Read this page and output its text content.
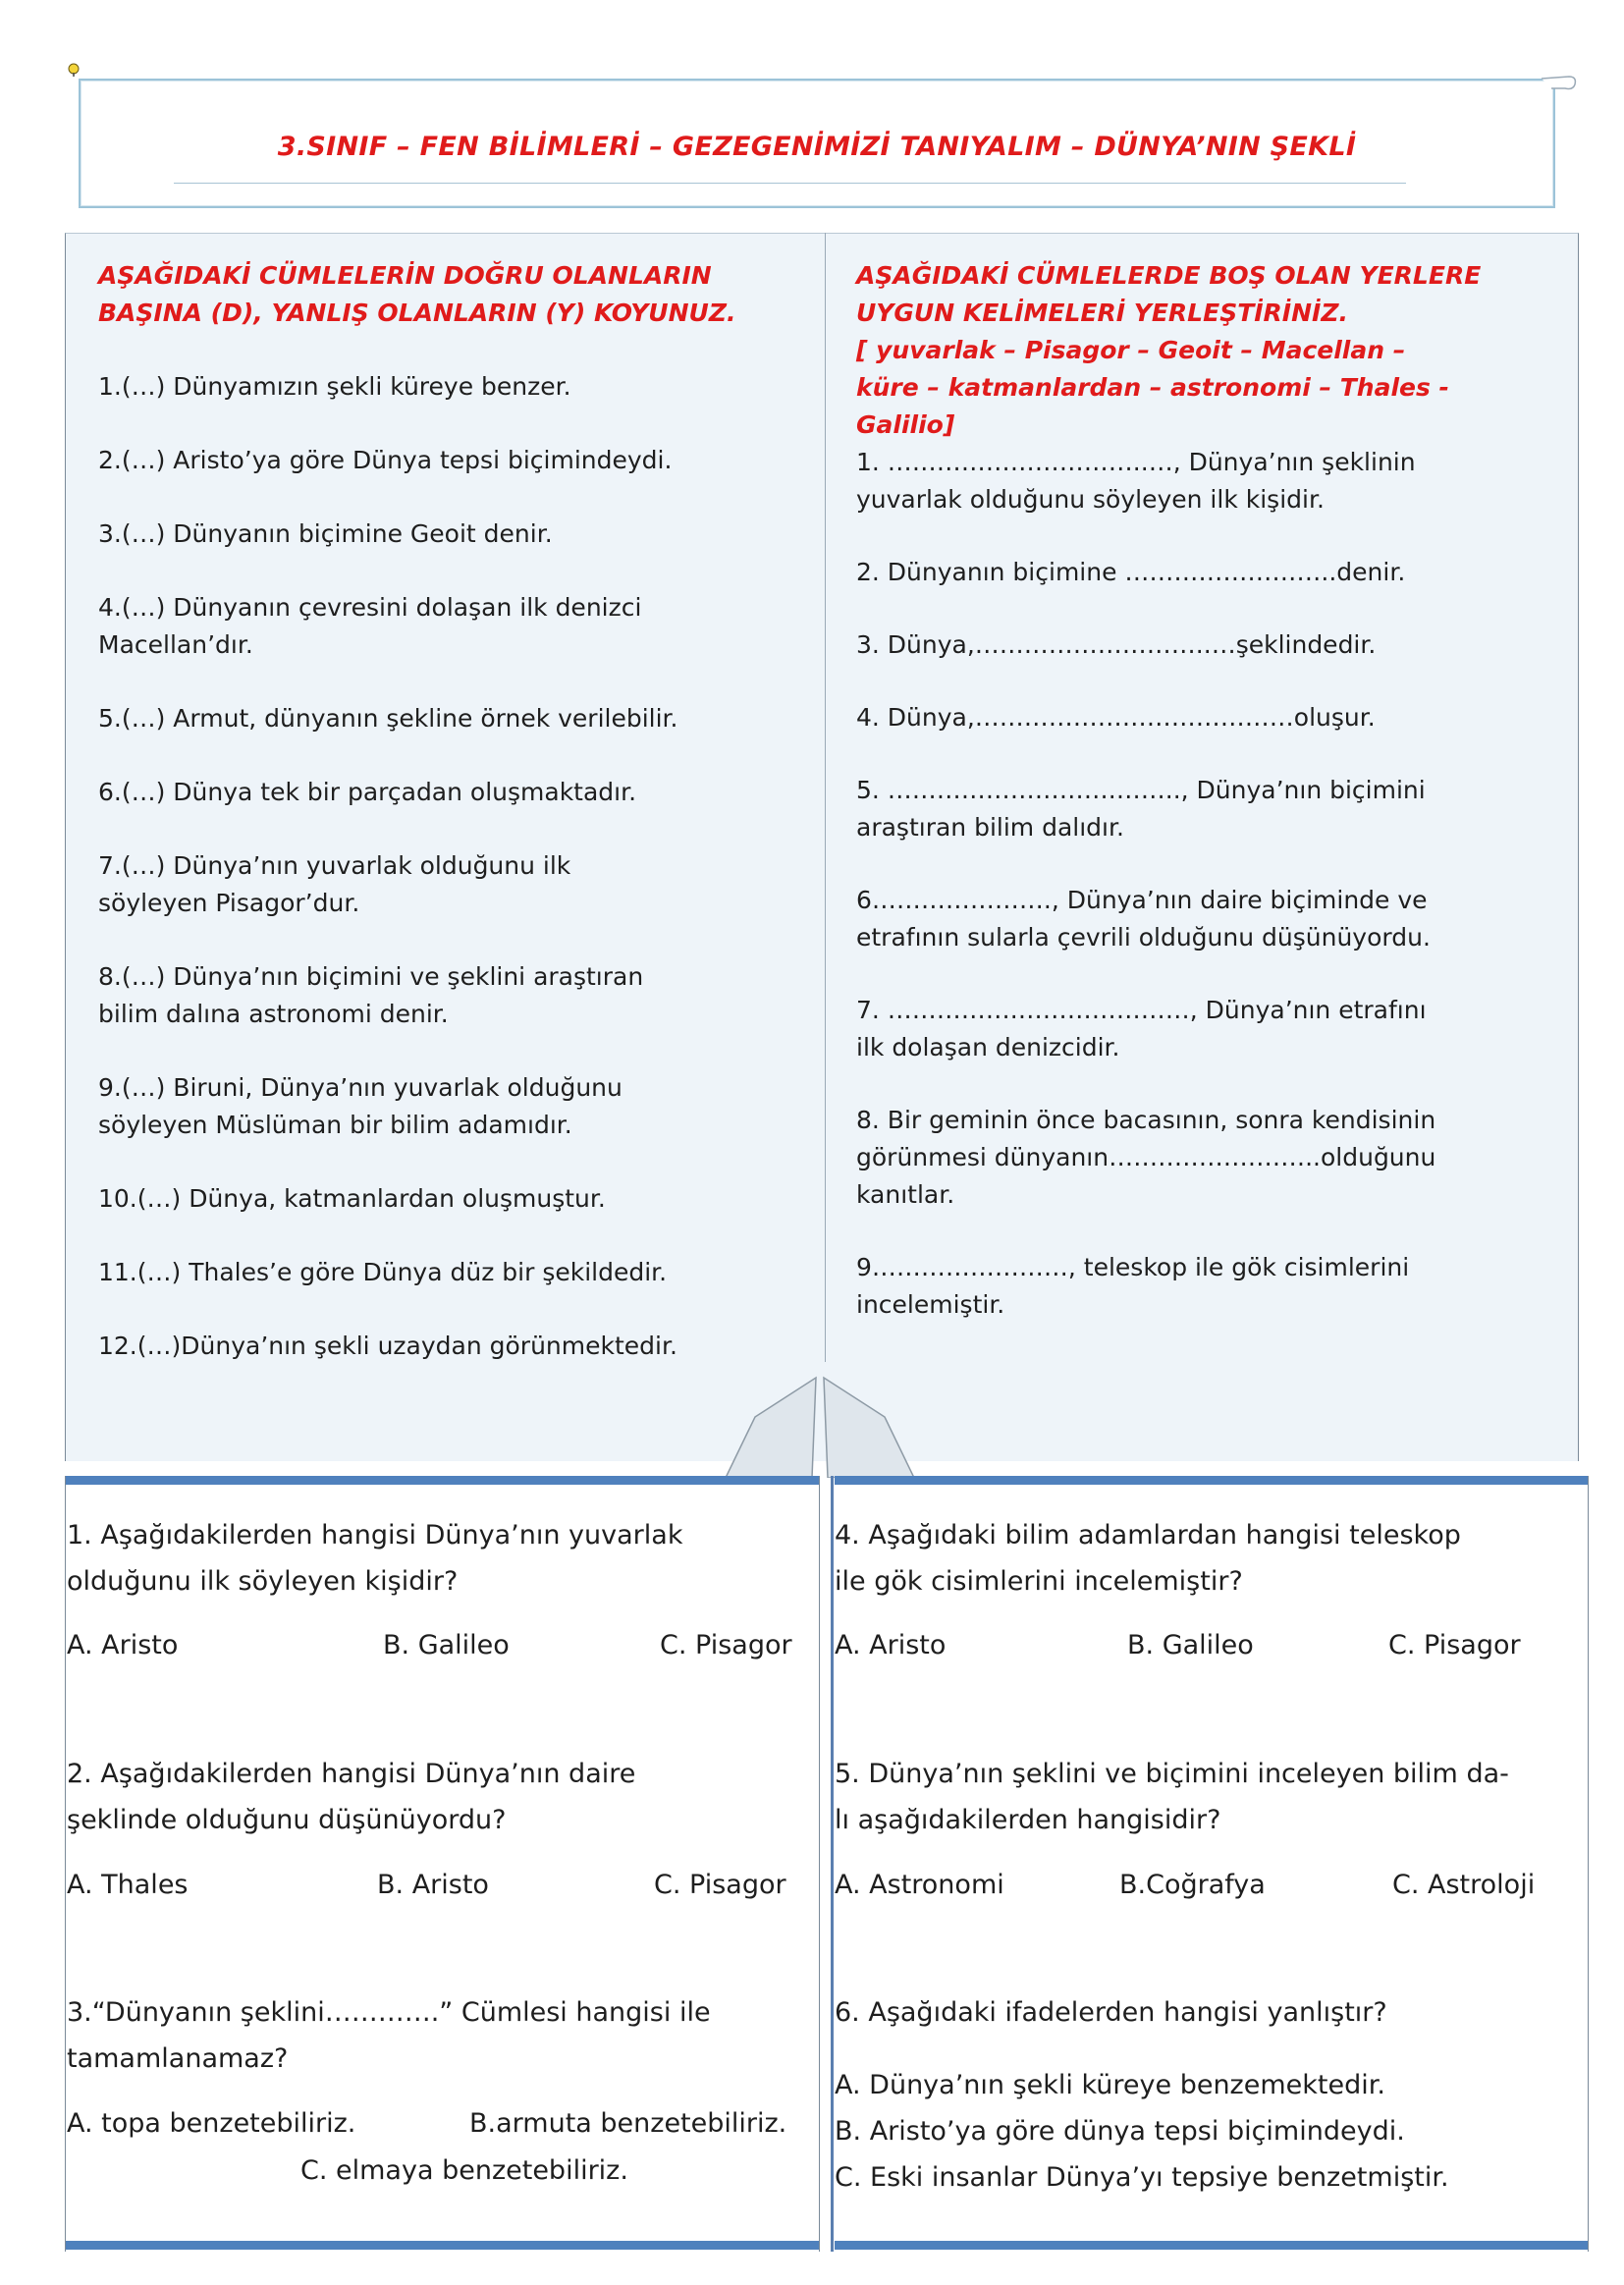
3.SINIF – FEN BİLİMLERİ – GEZEGENİMİZİ TANIYALIM – DÜNYA’NIN ŞEKLİ
AŞAĞIDAKİ CÜMLELERİN DOĞRU OLANLARIN
BAŞINA (D), YANLIŞ OLANLARIN (Y) KOYUNUZ.

1.(…) Dünyamızın şekli küreye benzer.

2.(…) Aristo’ya göre Dünya tepsi biçimindeydi.

3.(…) Dünyanın biçimine Geoit denir.

4.(…) Dünyanın çevresini dolaşan ilk denizci
Macellan’dır.

5.(…) Armut, dünyanın şekline örnek verilebilir.

6.(…) Dünya tek bir parçadan oluşmaktadır.

7.(…) Dünya’nın yuvarlak olduğunu ilk
söyleyen Pisagor’dur.

8.(…) Dünya’nın biçimini ve şeklini araştıran
bilim dalına astronomi denir.

9.(…) Biruni, Dünya’nın yuvarlak olduğunu
söyleyen Müslüman bir bilim adamıdır.

10.(…) Dünya, katmanlardan oluşmuştur.

11.(…) Thales’e göre Dünya düz bir şekildedir.

12.(…)Dünya’nın şekli uzaydan görünmektedir.

AŞAĞIDAKİ CÜMLELERDE BOŞ OLAN YERLERE
UYGUN KELİMELERİ YERLEŞTİRİNİZ.
[ yuvarlak – Pisagor – Geoit – Macellan –
küre – katmanlardan – astronomi – Thales -
Galilio]

1. …………………………..…, Dünya’nın şeklinin
yuvarlak olduğunu söyleyen ilk kişidir.

2. Dünyanın biçimine ……………………..denir.

3. Dünya,………………………..…şeklindedir.

4. Dünya,…………………………………oluşur.

5. ……………………….…….., Dünya’nın biçimini
araştıran bilim dalıdır.

6…………………., Dünya’nın daire biçiminde ve
etrafının sularla çevrili olduğunu düşünüyordu.

7. …………….…………………, Dünya’nın etrafını
ilk dolaşan denizcidir.

8. Bir geminin önce bacasının, sonra kendisinin
görünmesi dünyanın……………………..olduğunu
kanıtlar.

9……………………, teleskop ile gök cisimlerini
incelemiştir.

1. Aşağıdakilerden hangisi Dünya’nın yuvarlak
olduğunu ilk söyleyen kişidir?
A. Aristo	B. Galileo	C. Pisagor
2. Aşağıdakilerden hangisi Dünya’nın daire
şeklinde olduğunu düşünüyordu?
A. Thales	B. Aristo	C. Pisagor
3.“Dünyanın şeklini………….” Cümlesi hangisi ile
tamamlanamaz?
A. topa benzetebiliriz.	B.armuta benzetebiliriz.
C. elmaya benzetebiliriz.
4. Aşağıdaki bilim adamlardan hangisi teleskop
ile gök cisimlerini incelemiştir?
A. Aristo	B. Galileo	C. Pisagor
5. Dünya’nın şeklini ve biçimini inceleyen bilim da-
lı aşağıdakilerden hangisidir?
A. Astronomi	B.Coğrafya	C. Astroloji
6. Aşağıdaki ifadelerden hangisi yanlıştır?
A. Dünya’nın şekli küreye benzemektedir.
B. Aristo’ya göre dünya tepsi biçimindeydi.
C. Eski insanlar Dünya’yı tepsiye benzetmiştir.
